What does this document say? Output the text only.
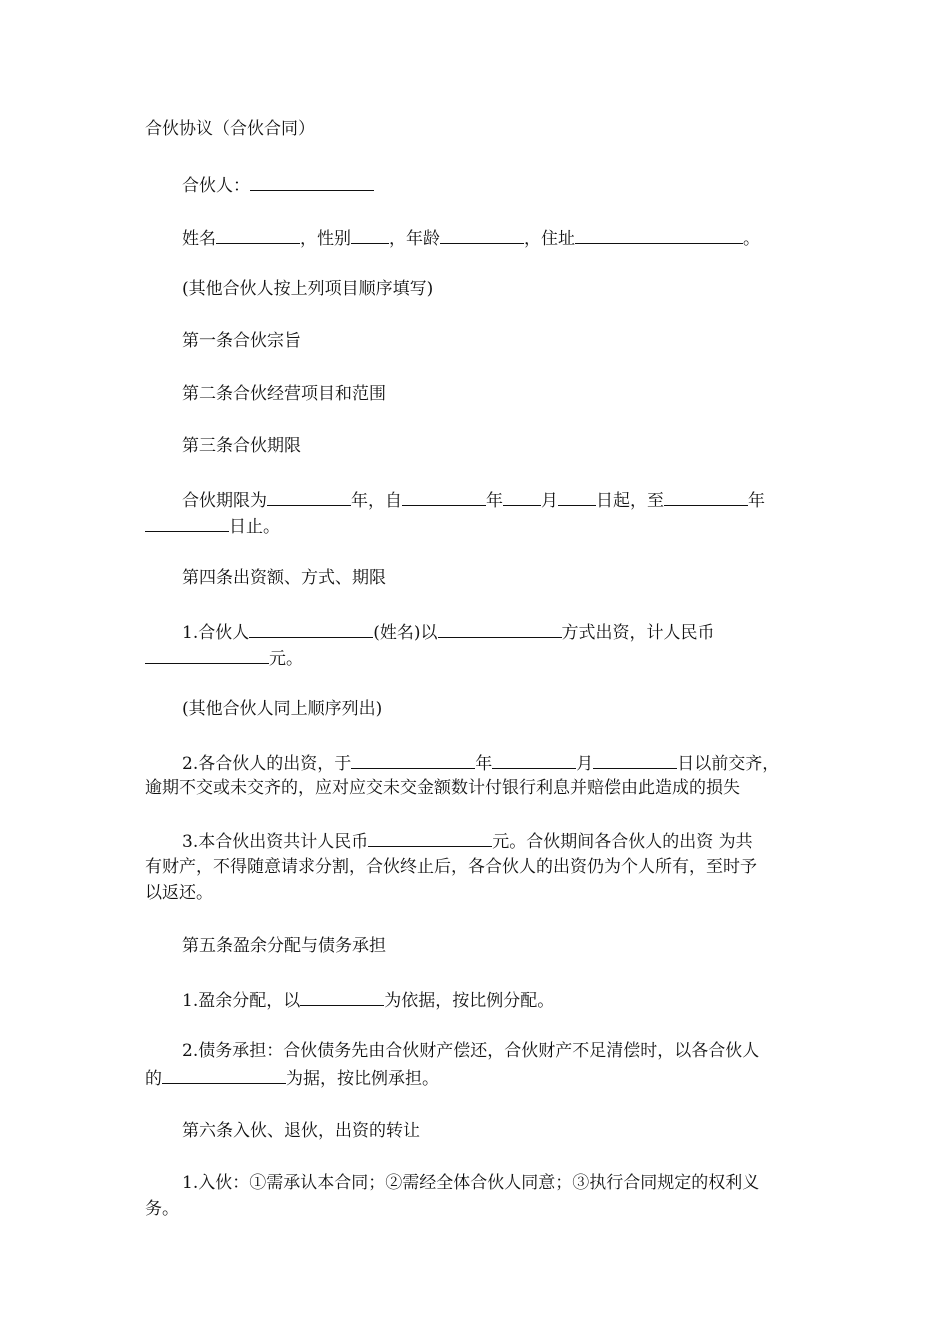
合伙协议（合伙合同）
合伙人：
姓名	，性别 ，年龄	，住址	。
(其他合伙人按上列项目顺序填写)
第一条合伙宗旨
第二条合伙经营项目和范围
第三条合伙期限
合伙期限为	年，自	年 月 日起，至	年
日止。
第四条出资额、方式、期限
1.合伙人	(姓名)以	方式出资，计人民币
元。
(其他合伙人同上顺序列出)
2.各合伙人的出资，于	年	月	日以前交齐，
逾期不交或未交齐的，应对应交未交金额数计付银行利息并赔偿由此造成的损失
3.本合伙出资共计人民币	元。合伙期间各合伙人的出资 为共
有财产，不得随意请求分割，合伙终止后，各合伙人的出资仍为个人所有，至时予
以返还。
第五条盈余分配与债务承担
1.盈余分配，以	为依据，按比例分配。
2.债务承担：合伙债务先由合伙财产偿还，合伙财产不足清偿时，以各合伙人
的	为据，按比例承担。
第六条入伙、退伙，出资的转让
1.入伙：①需承认本合同；②需经全体合伙人同意；③执行合同规定的权利义
务。
